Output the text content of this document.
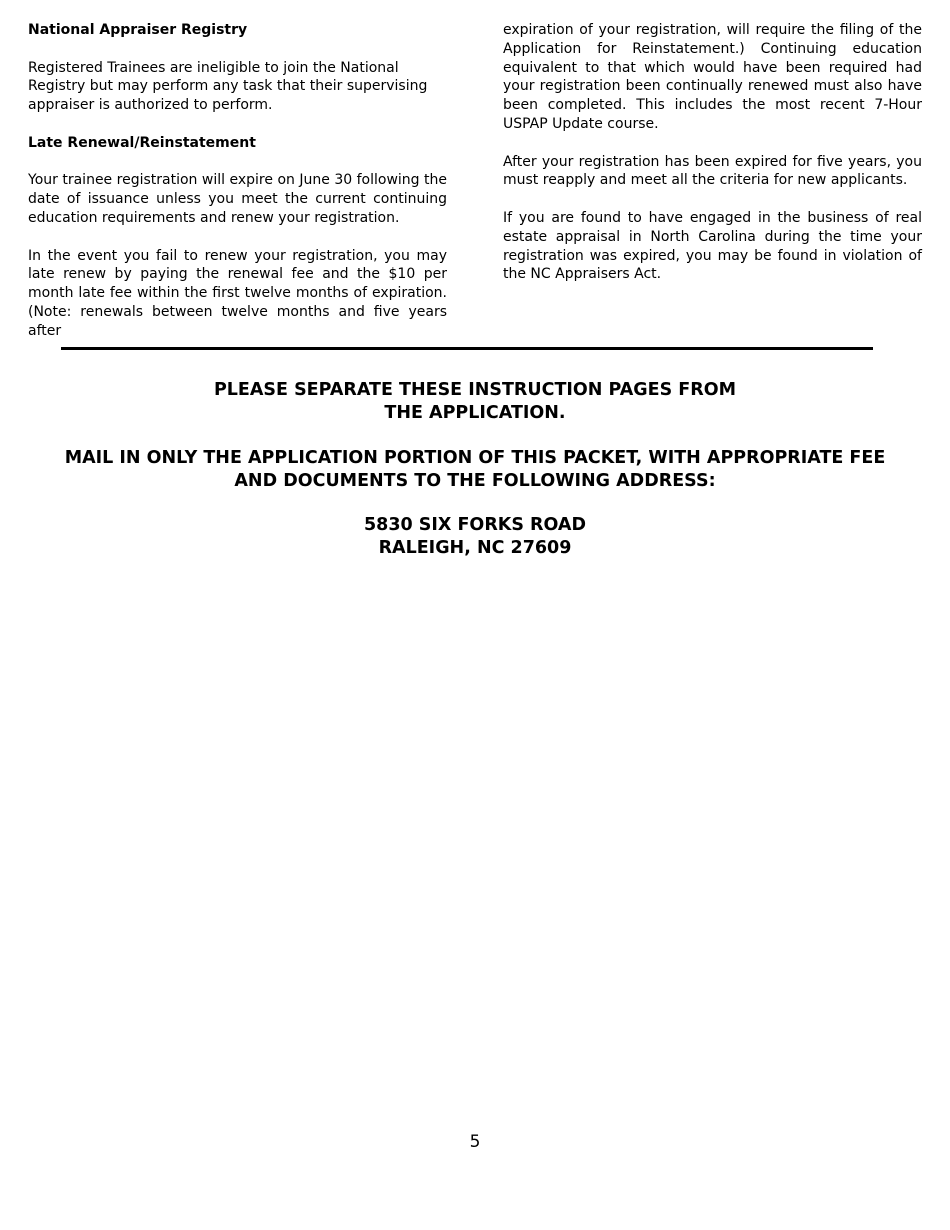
National Appraiser Registry

Registered Trainees are ineligible to join the National Registry but may perform any task that their supervising appraiser is authorized to perform.

Late Renewal/Reinstatement

Your trainee registration will expire on June 30 following the date of issuance unless you meet the current continuing education requirements and renew your registration.

In the event you fail to renew your registration, you may late renew by paying the renewal fee and the $10 per month late fee within the first twelve months of expiration. (Note: renewals between twelve months and five years after

expiration of your registration, will require the filing of the Application for Reinstatement.) Continuing education equivalent to that which would have been required had your registration been continually renewed must also have been completed. This includes the most recent 7-Hour USPAP Update course.

After your registration has been expired for five years, you must reapply and meet all the criteria for new applicants.

If you are found to have engaged in the business of real estate appraisal in North Carolina during the time your registration was expired, you may be found in violation of the NC Appraisers Act.

PLEASE SEPARATE THESE INSTRUCTION PAGES FROM

THE APPLICATION.

MAIL IN ONLY THE APPLICATION PORTION OF THIS PACKET, WITH APPROPRIATE FEE

AND DOCUMENTS TO THE FOLLOWING ADDRESS:

5830 SIX FORKS ROAD

RALEIGH, NC 27609

5
